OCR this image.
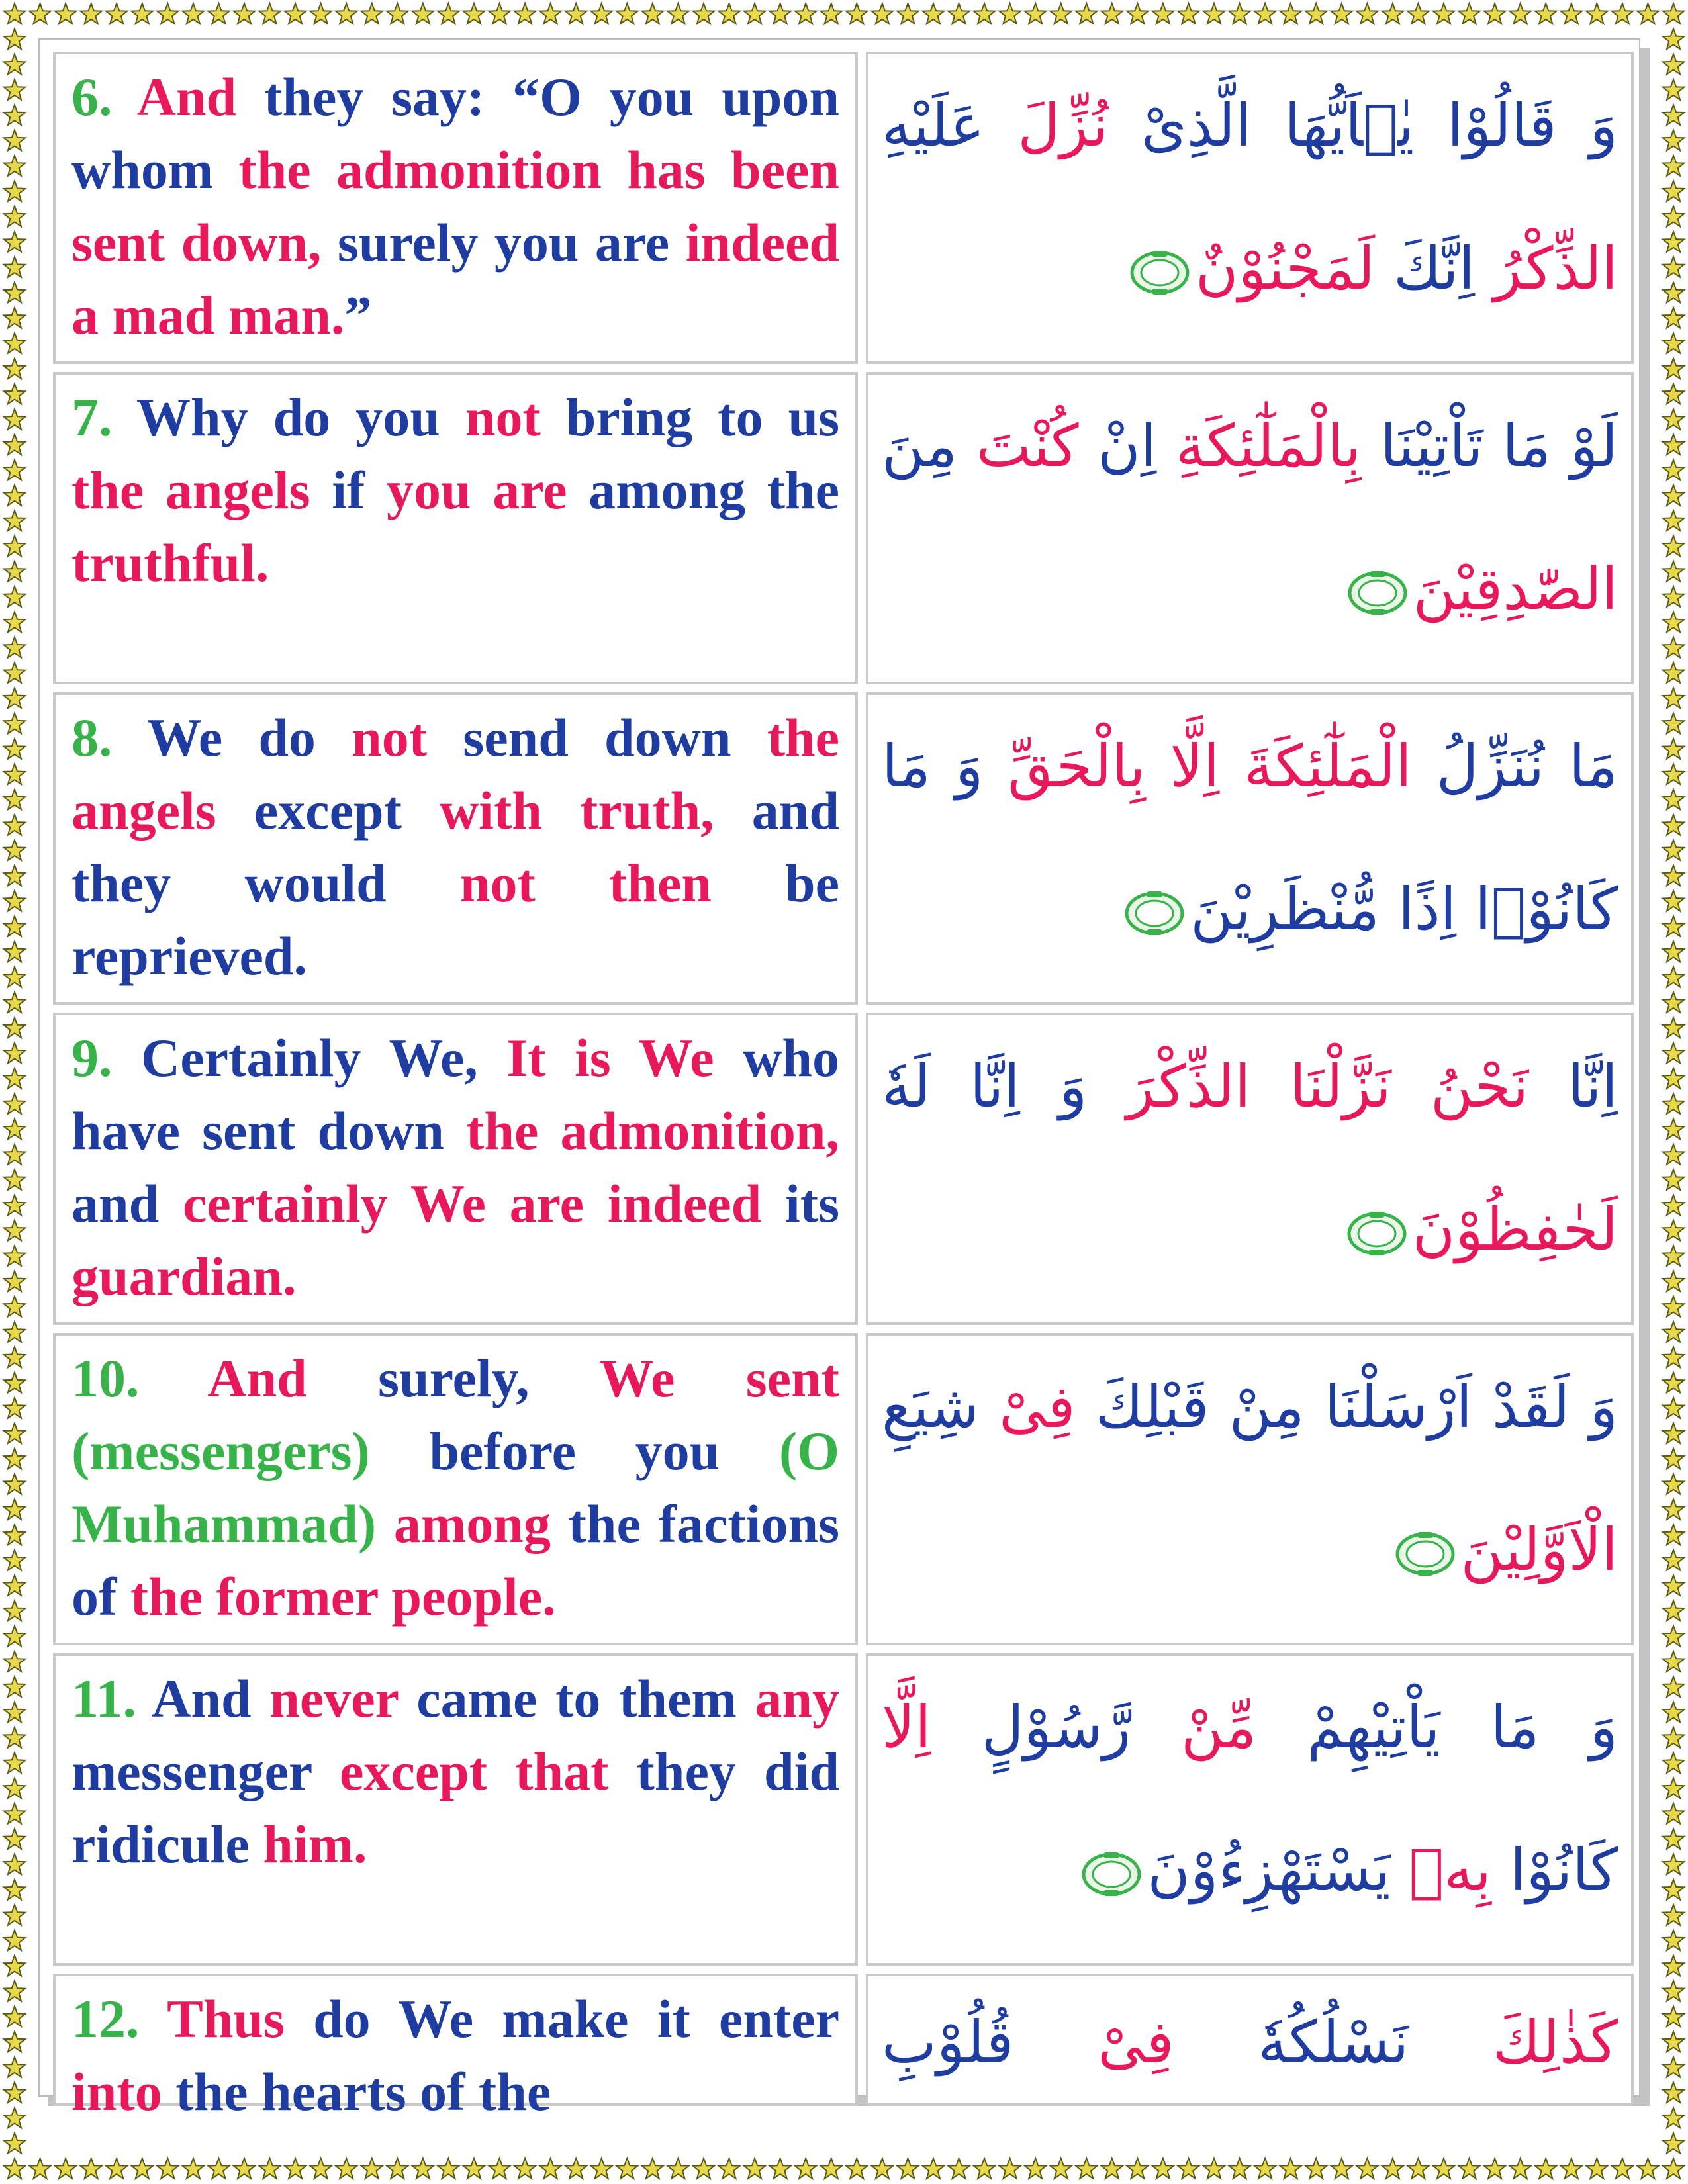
6. And they say: “O you upon whom the admonition has been sent down, surely you are indeed a mad man.”
وَ قَالُوْا يٰۤاَيُّهَا الَّذِىْ نُزِّلَ عَلَيْهِ
الذِّكْرُ اِنَّكَ لَمَجْنُوْنٌ
7. Why do you not bring to us the angels if you are among the truthful.
لَوْ مَا تَاْتِيْنَا بِالْمَلٰٓئِكَةِ اِنْ كُنْتَ مِنَ
الصّٰدِقِيْنَ
8. We do not send down the angels except with truth, and they would not then be reprieved.
مَا نُنَزِّلُ الْمَلٰٓئِكَةَ اِلَّا بِالْحَقِّ وَ مَا
كَانُوْۤا اِذًا مُّنْظَرِيْنَ
9. Certainly We, It is We who have sent down the admonition, and certainly We are indeed its guardian.
اِنَّا نَحْنُ نَزَّلْنَا الذِّكْرَ وَ اِنَّا لَهٗ
لَحٰفِظُوْنَ
10. And surely, We sent (messengers) before you (O Muhammad) among the factions of the former people.
وَ لَقَدْ اَرْسَلْنَا مِنْ قَبْلِكَ فِىْ شِيَعِ
الْاَوَّلِيْنَ
11. And never came to them any messenger except that they did ridicule him.
وَ مَا يَاْتِيْهِمْ مِّنْ رَّسُوْلٍ اِلَّا
كَانُوْا بِهٖ يَسْتَهْزِءُوْنَ
12. Thus do We make it enter into the hearts of the
كَذٰلِكَ نَسْلُكُهٗ فِىْ قُلُوْبِ
